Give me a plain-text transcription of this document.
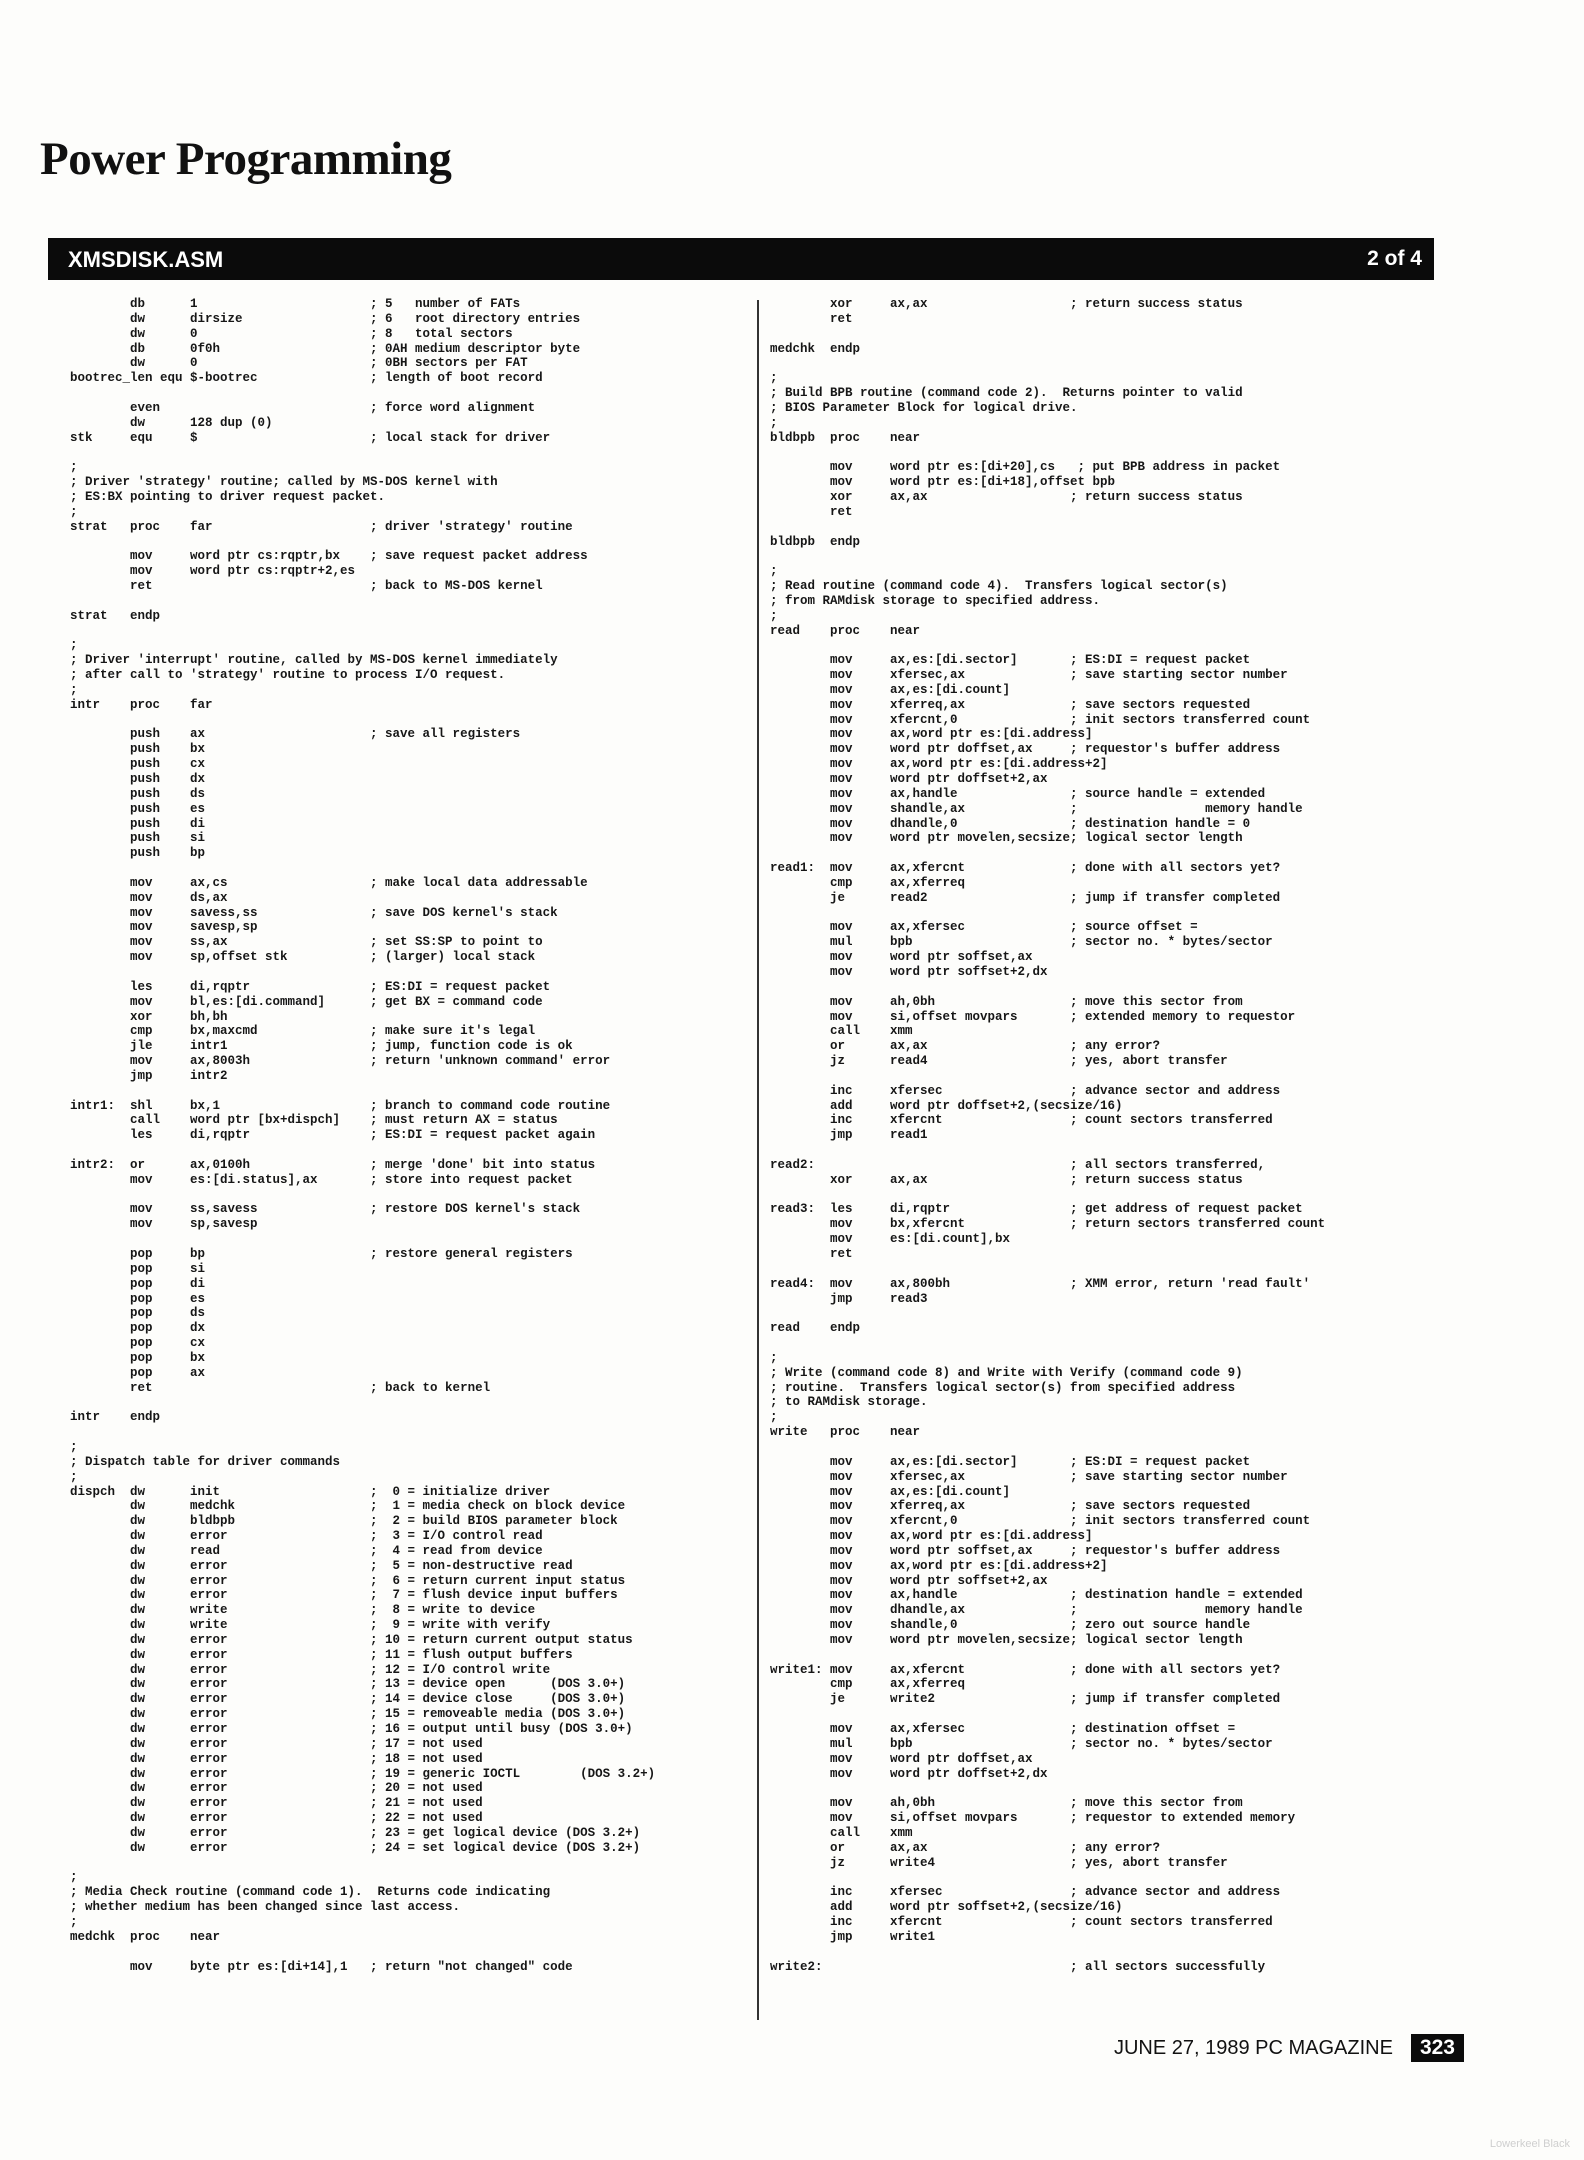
Power Programming
XMSDISK.ASM	2 of 4
db      1                       ; 5   number of FATs
dw      dirsize                 ; 6   root directory entries
dw      0                       ; 8   total sectors
db      0f0h                    ; 0AH medium descriptor byte
dw      0                       ; 0BH sectors per FAT
bootrec_len equ $-bootrec               ; length of boot record

even                            ; force word alignment
dw      128 dup (0)
stk     equ     $                       ; local stack for driver

;
; Driver 'strategy' routine; called by MS-DOS kernel with
; ES:BX pointing to driver request packet.
;
strat   proc    far                     ; driver 'strategy' routine

mov     word ptr cs:rqptr,bx    ; save request packet address
mov     word ptr cs:rqptr+2,es
ret                             ; back to MS-DOS kernel

strat   endp

;
; Driver 'interrupt' routine, called by MS-DOS kernel immediately
; after call to 'strategy' routine to process I/O request.
;
intr    proc    far

push    ax                      ; save all registers
push    bx
push    cx
push    dx
push    ds
push    es
push    di
push    si
push    bp

mov     ax,cs                   ; make local data addressable
mov     ds,ax
mov     savess,ss               ; save DOS kernel's stack
mov     savesp,sp
mov     ss,ax                   ; set SS:SP to point to
mov     sp,offset stk           ; (larger) local stack

les     di,rqptr                ; ES:DI = request packet
mov     bl,es:[di.command]      ; get BX = command code
xor     bh,bh
cmp     bx,maxcmd               ; make sure it's legal
jle     intr1                   ; jump, function code is ok
mov     ax,8003h                ; return 'unknown command' error
jmp     intr2

intr1:  shl     bx,1                    ; branch to command code routine
call    word ptr [bx+dispch]    ; must return AX = status
les     di,rqptr                ; ES:DI = request packet again

intr2:  or      ax,0100h                ; merge 'done' bit into status
mov     es:[di.status],ax       ; store into request packet

mov     ss,savess               ; restore DOS kernel's stack
mov     sp,savesp

pop     bp                      ; restore general registers
pop     si
pop     di
pop     es
pop     ds
pop     dx
pop     cx
pop     bx
pop     ax
ret                             ; back to kernel

intr    endp

;
; Dispatch table for driver commands
;
dispch  dw      init                    ;  0 = initialize driver
dw      medchk                  ;  1 = media check on block device
dw      bldbpb                  ;  2 = build BIOS parameter block
dw      error                   ;  3 = I/O control read
dw      read                    ;  4 = read from device
dw      error                   ;  5 = non-destructive read
dw      error                   ;  6 = return current input status
dw      error                   ;  7 = flush device input buffers
dw      write                   ;  8 = write to device
dw      write                   ;  9 = write with verify
dw      error                   ; 10 = return current output status
dw      error                   ; 11 = flush output buffers
dw      error                   ; 12 = I/O control write
dw      error                   ; 13 = device open      (DOS 3.0+)
dw      error                   ; 14 = device close     (DOS 3.0+)
dw      error                   ; 15 = removeable media (DOS 3.0+)
dw      error                   ; 16 = output until busy (DOS 3.0+)
dw      error                   ; 17 = not used
dw      error                   ; 18 = not used
dw      error                   ; 19 = generic IOCTL        (DOS 3.2+)
dw      error                   ; 20 = not used
dw      error                   ; 21 = not used
dw      error                   ; 22 = not used
dw      error                   ; 23 = get logical device (DOS 3.2+)
dw      error                   ; 24 = set logical device (DOS 3.2+)

;
; Media Check routine (command code 1).  Returns code indicating
; whether medium has been changed since last access.
;
medchk  proc    near

mov     byte ptr es:[di+14],1   ; return "not changed" code
xor     ax,ax                   ; return success status
ret

medchk  endp

;
; Build BPB routine (command code 2).  Returns pointer to valid
; BIOS Parameter Block for logical drive.
;
bldbpb  proc    near

mov     word ptr es:[di+20],cs   ; put BPB address in packet
mov     word ptr es:[di+18],offset bpb
xor     ax,ax                   ; return success status
ret

bldbpb  endp

;
; Read routine (command code 4).  Transfers logical sector(s)
; from RAMdisk storage to specified address.
;
read    proc    near

mov     ax,es:[di.sector]       ; ES:DI = request packet
mov     xfersec,ax              ; save starting sector number
mov     ax,es:[di.count]
mov     xferreq,ax              ; save sectors requested
mov     xfercnt,0               ; init sectors transferred count
mov     ax,word ptr es:[di.address]
mov     word ptr doffset,ax     ; requestor's buffer address
mov     ax,word ptr es:[di.address+2]
mov     word ptr doffset+2,ax
mov     ax,handle               ; source handle = extended
mov     shandle,ax              ;                 memory handle
mov     dhandle,0               ; destination handle = 0
mov     word ptr movelen,secsize; logical sector length

read1:  mov     ax,xfercnt              ; done with all sectors yet?
cmp     ax,xferreq
je      read2                   ; jump if transfer completed

mov     ax,xfersec              ; source offset =
mul     bpb                     ; sector no. * bytes/sector
mov     word ptr soffset,ax
mov     word ptr soffset+2,dx

mov     ah,0bh                  ; move this sector from
mov     si,offset movpars       ; extended memory to requestor
call    xmm
or      ax,ax                   ; any error?
jz      read4                   ; yes, abort transfer

inc     xfersec                 ; advance sector and address
add     word ptr doffset+2,(secsize/16)
inc     xfercnt                 ; count sectors transferred
jmp     read1

read2:                                  ; all sectors transferred,
xor     ax,ax                   ; return success status

read3:  les     di,rqptr                ; get address of request packet
mov     bx,xfercnt              ; return sectors transferred count
mov     es:[di.count],bx
ret

read4:  mov     ax,800bh                ; XMM error, return 'read fault'
jmp     read3

read    endp

;
; Write (command code 8) and Write with Verify (command code 9)
; routine.  Transfers logical sector(s) from specified address
; to RAMdisk storage.
;
write   proc    near

mov     ax,es:[di.sector]       ; ES:DI = request packet
mov     xfersec,ax              ; save starting sector number
mov     ax,es:[di.count]
mov     xferreq,ax              ; save sectors requested
mov     xfercnt,0               ; init sectors transferred count
mov     ax,word ptr es:[di.address]
mov     word ptr soffset,ax     ; requestor's buffer address
mov     ax,word ptr es:[di.address+2]
mov     word ptr soffset+2,ax
mov     ax,handle               ; destination handle = extended
mov     dhandle,ax              ;                 memory handle
mov     shandle,0               ; zero out source handle
mov     word ptr movelen,secsize; logical sector length

write1: mov     ax,xfercnt              ; done with all sectors yet?
cmp     ax,xferreq
je      write2                  ; jump if transfer completed

mov     ax,xfersec              ; destination offset =
mul     bpb                     ; sector no. * bytes/sector
mov     word ptr doffset,ax
mov     word ptr doffset+2,dx

mov     ah,0bh                  ; move this sector from
mov     si,offset movpars       ; requestor to extended memory
call    xmm
or      ax,ax                   ; any error?
jz      write4                  ; yes, abort transfer

inc     xfersec                 ; advance sector and address
add     word ptr soffset+2,(secsize/16)
inc     xfercnt                 ; count sectors transferred
jmp     write1

write2:                                 ; all sectors successfully
JUNE 27, 1989 PC MAGAZINE	323
Lowerkeel Black
